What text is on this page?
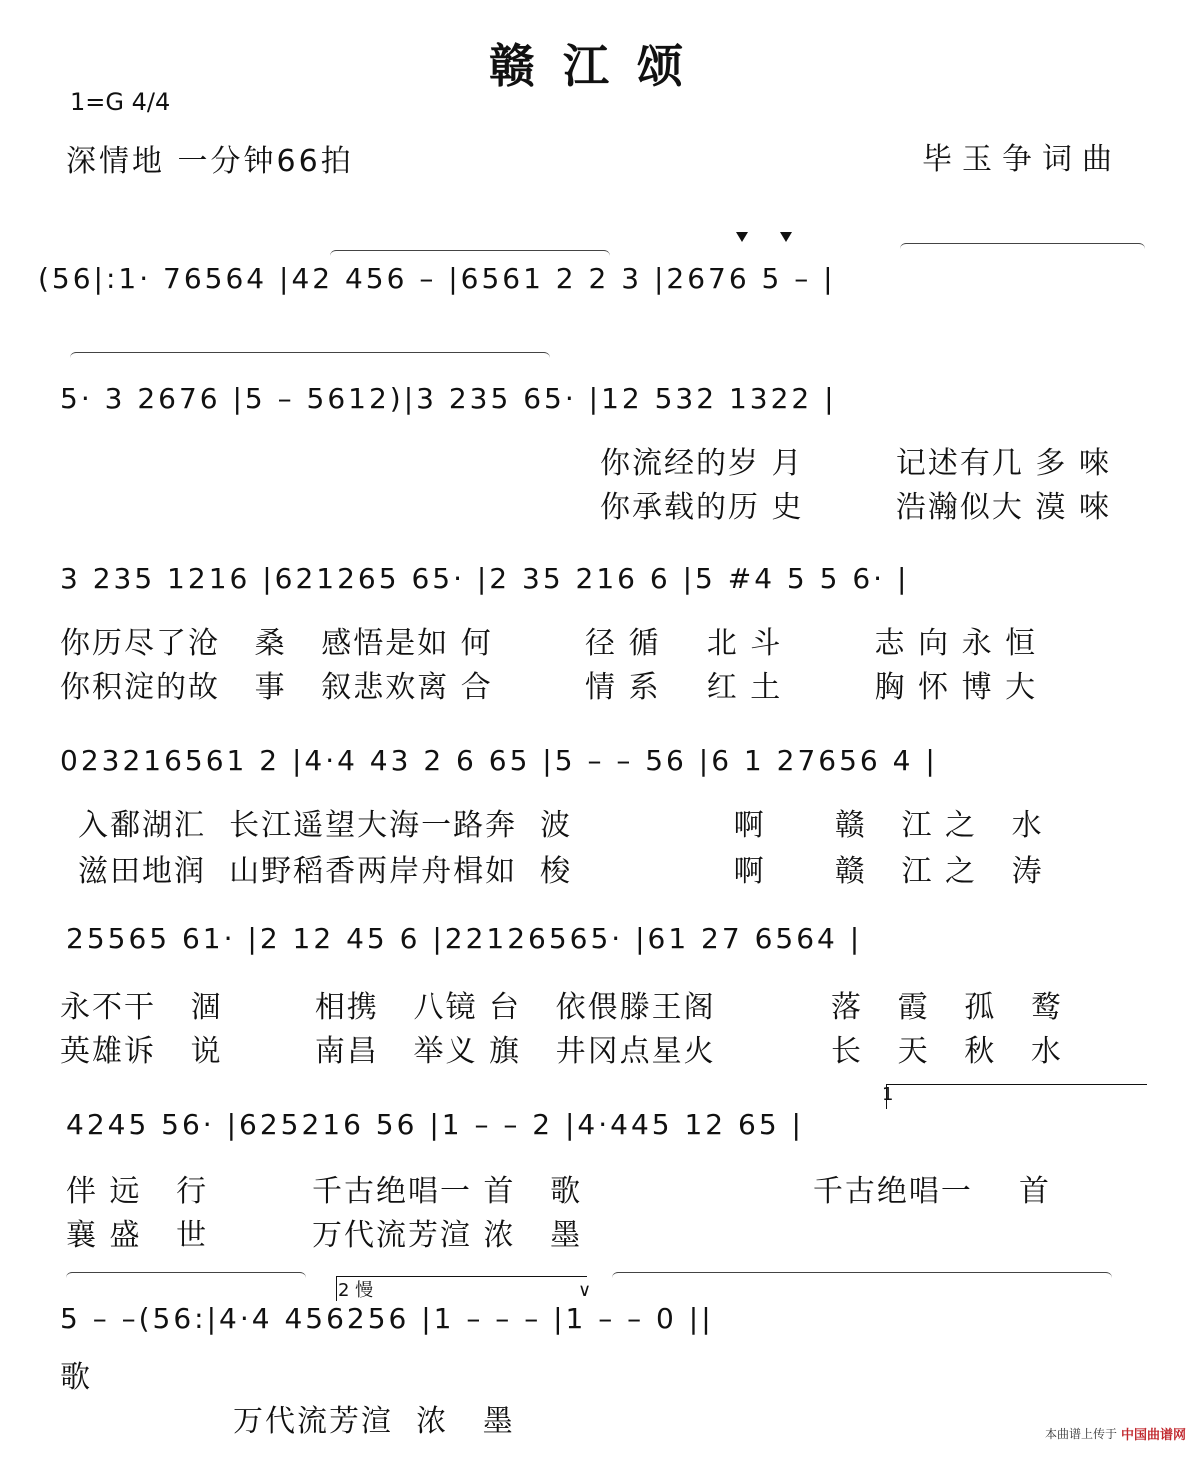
赣江颂
1=G 4/4
深情地 一分钟66拍	毕玉争词曲
(56|:1· 76564 |42 456 – |6561 2 2 3 |2676 5 – |
5· 3 2676 |5 – 5612)|3 235 65· |12 532 1322 |
你流经的岁 月        记述有几 多 唻
你承载的历 史        浩瀚似大 漠 唻
3 235 1216 |621265 65· |2 35 216 6 |5 #4 5 5 6· |
你历尽了沧   桑   感悟是如 何        径 循    北 斗        志 向 永 恒
你积淀的故   事   叙悲欢离 合        情 系    红 土        胸 怀 博 大
023216561 2 |4·4 43 2 6 65 |5 – – 56 |6 1 27656 4 |
入鄱湖汇  长江遥望大海一路奔  波              啊      赣   江 之   水
滋田地润  山野稻香两岸舟楫如  梭              啊      赣   江 之   涛
25565 61· |2 12 45 6 |22126565· |61 27 6564 |
永不干   涸        相携   八镜 台   依偎滕王阁          落   霞   孤   鹜
英雄诉   说        南昌   举义 旗   井冈点星火          长   天   秋   水
1
4245 56· |625216 56 |1 – – 2 |4·445 12 65 |
伴 远   行         千古绝唱一 首   歌                    千古绝唱一    首
襄 盛   世         万代流芳渲 浓   墨
2 慢	∨
5 – –(56:|4·4 456256 |1 – – – |1 – – 0 ||
歌
万代流芳渲  浓   墨	本曲谱上传于 中国曲谱网
